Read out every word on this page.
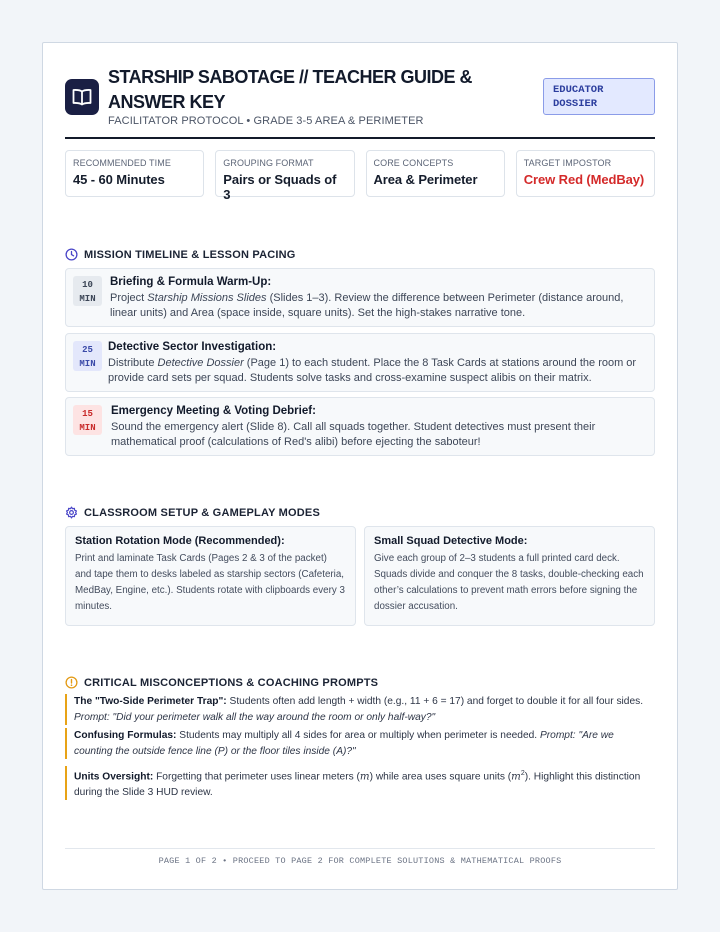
STARSHIP SABOTAGE // TEACHER GUIDE & ANSWER KEY
FACILITATOR PROTOCOL • GRADE 3-5 AREA & PERIMETER
EDUCATOR
DOSSIER
RECOMMENDED TIME
45 - 60 Minutes
GROUPING FORMAT
Pairs or Squads of 3
CORE CONCEPTS
Area & Perimeter
TARGET IMPOSTOR
Crew Red (MedBay)
MISSION TIMELINE & LESSON PACING
10
MIN
Briefing & Formula Warm-Up:
Project Starship Missions Slides (Slides 1–3). Review the difference between Perimeter (distance around, linear units) and Area (space inside, square units). Set the high-stakes narrative tone.
25
MIN
Detective Sector Investigation:
Distribute Detective Dossier (Page 1) to each student. Place the 8 Task Cards at stations around the room or provide card sets per squad. Students solve tasks and cross-examine suspect alibis on their matrix.
15
MIN
Emergency Meeting & Voting Debrief:
Sound the emergency alert (Slide 8). Call all squads together. Student detectives must present their mathematical proof (calculations of Red's alibi) before ejecting the saboteur!
CLASSROOM SETUP & GAMEPLAY MODES
Station Rotation Mode (Recommended):
Print and laminate Task Cards (Pages 2 & 3 of the packet) and tape them to desks labeled as starship sectors (Cafeteria, MedBay, Engine, etc.). Students rotate with clipboards every 3 minutes.
Small Squad Detective Mode:
Give each group of 2–3 students a full printed card deck. Squads divide and conquer the 8 tasks, double-checking each other’s calculations to prevent math errors before signing the dossier accusation.
CRITICAL MISCONCEPTIONS & COACHING PROMPTS
The "Two-Side Perimeter Trap": Students often add length + width (e.g., 11 + 6 = 17) and forget to double it for all four sides.
Prompt: "Did your perimeter walk all the way around the room or only half-way?"
Confusing Formulas: Students may multiply all 4 sides for area or multiply when perimeter is needed. Prompt: "Are we counting the outside fence line (P) or the floor tiles inside (A)?"
Units Oversight: Forgetting that perimeter uses linear meters (m) while area uses square units $(m^2)$. Highlight this distinction during the Slide 3 HUD review.
PAGE 1 OF 2 • PROCEED TO PAGE 2 FOR COMPLETE SOLUTIONS & MATHEMATICAL PROOFS
